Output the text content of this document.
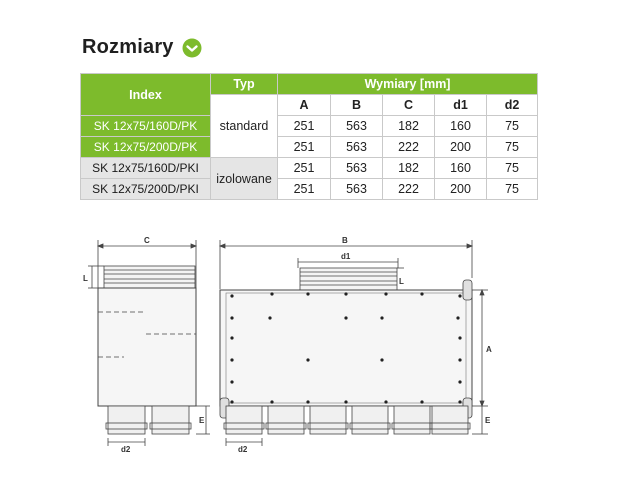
Rozmiary
Index	Typ	Wymiary [mm]				
	standard	A	B	C	d1	d2
SK 12x75/160D/PK		251	563	182	160	75
SK 12x75/200D/PK		251	563	222	200	75
SK 12x75/160D/PKI	izolowane	251	563	182	160	75
SK 12x75/200D/PKI		251	563	222	200	75
C
L
E
d2
B
d1
L
A
E
d2
